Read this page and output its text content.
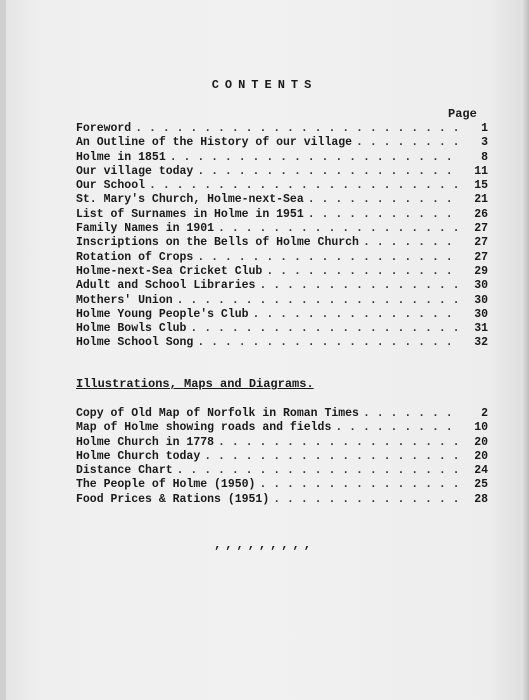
CONTENTS
Page
Foreword . . .	1
An Outline of the History of our village . . .	3
Holme in 1851 . . .	8
Our village today . . .	11
Our School . . .	15
St. Mary's Church, Holme-next-Sea . . .	21
List of Surnames in Holme in 1951 . . .	26
Family Names in 1901 . . .	27
Inscriptions on the Bells of Holme Church . . .	27
Rotation of Crops . . .	27
Holme-next-Sea Cricket Club . . .	29
Adult and School Libraries . . .	30
Mothers' Union . . .	30
Holme Young People's Club . . .	30
Holme Bowls Club . . .	31
Holme School Song . . .	32
Illustrations, Maps and Diagrams.
Copy of Old Map of Norfolk in Roman Times . . .	2
Map of Holme showing roads and fields . . .	10
Holme Church in 1778 . . .	20
Holme Church today . . .	20
Distance Chart . . .	24
The People of Holme (1950) . . .	25
Food Prices & Rations (1951) . . .	28
,,,,,,,,,
